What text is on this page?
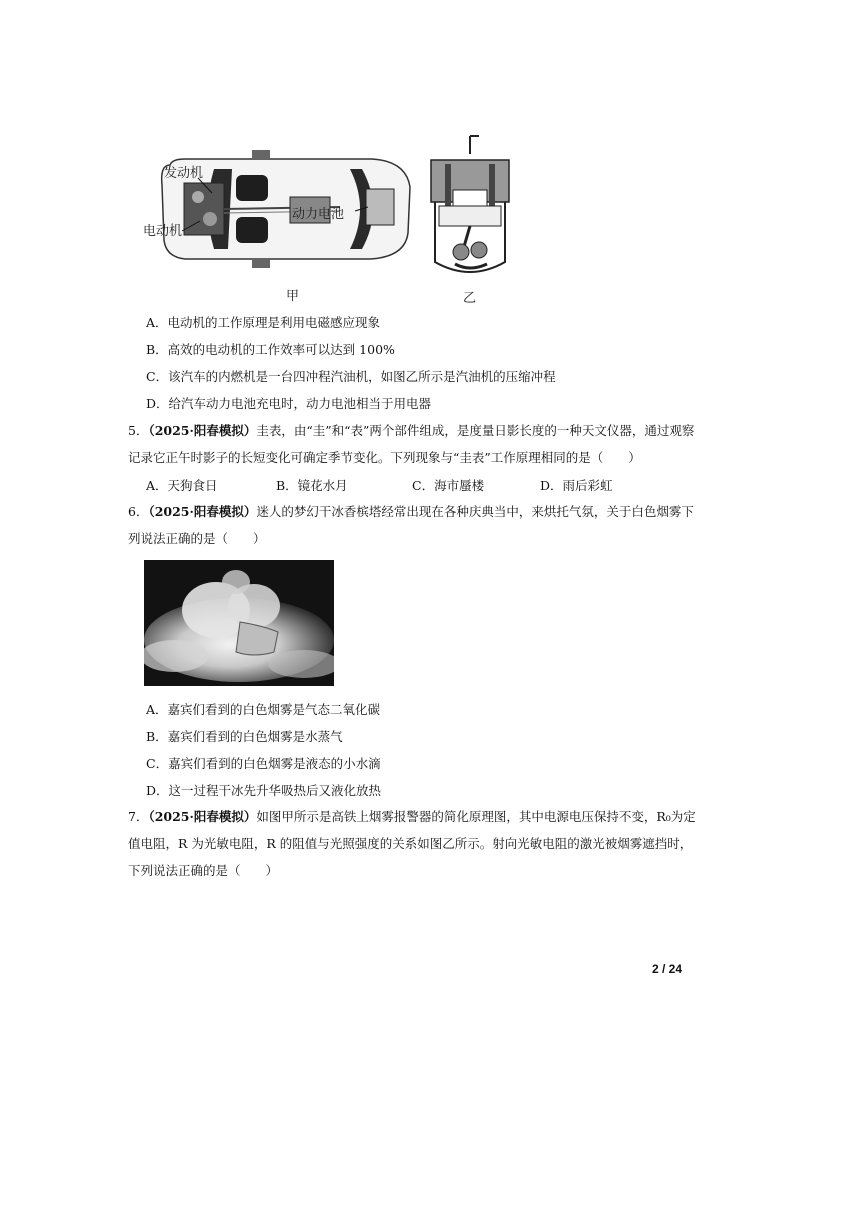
发动机
电动机
动力电池
甲	乙
A．电动机的工作原理是利用电磁感应现象
B．高效的电动机的工作效率可以达到 100%
C．该汽车的内燃机是一台四冲程汽油机，如图乙所示是汽油机的压缩冲程
D．给汽车动力电池充电时，动力电池相当于用电器
5．（2025·阳春模拟）圭表，由“圭”和“表”两个部件组成，是度量日影长度的一种天文仪器，通过观察
记录它正午时影子的长短变化可确定季节变化。下列现象与“圭表”工作原理相同的是（　　）
A．天狗食日	B．镜花水月	C．海市蜃楼	D．雨后彩虹
6．（2025·阳春模拟）迷人的梦幻干冰香槟塔经常出现在各种庆典当中，来烘托气氛，关于白色烟雾下
列说法正确的是（　　）
A．嘉宾们看到的白色烟雾是气态二氧化碳
B．嘉宾们看到的白色烟雾是水蒸气
C．嘉宾们看到的白色烟雾是液态的小水滴
D．这一过程干冰先升华吸热后又液化放热
7．（2025·阳春模拟）如图甲所示是高铁上烟雾报警器的简化原理图，其中电源电压保持不变，R₀为定
值电阻，R 为光敏电阻，R 的阻值与光照强度的关系如图乙所示。射向光敏电阻的激光被烟雾遮挡时，
下列说法正确的是（　　）
2 / 24
